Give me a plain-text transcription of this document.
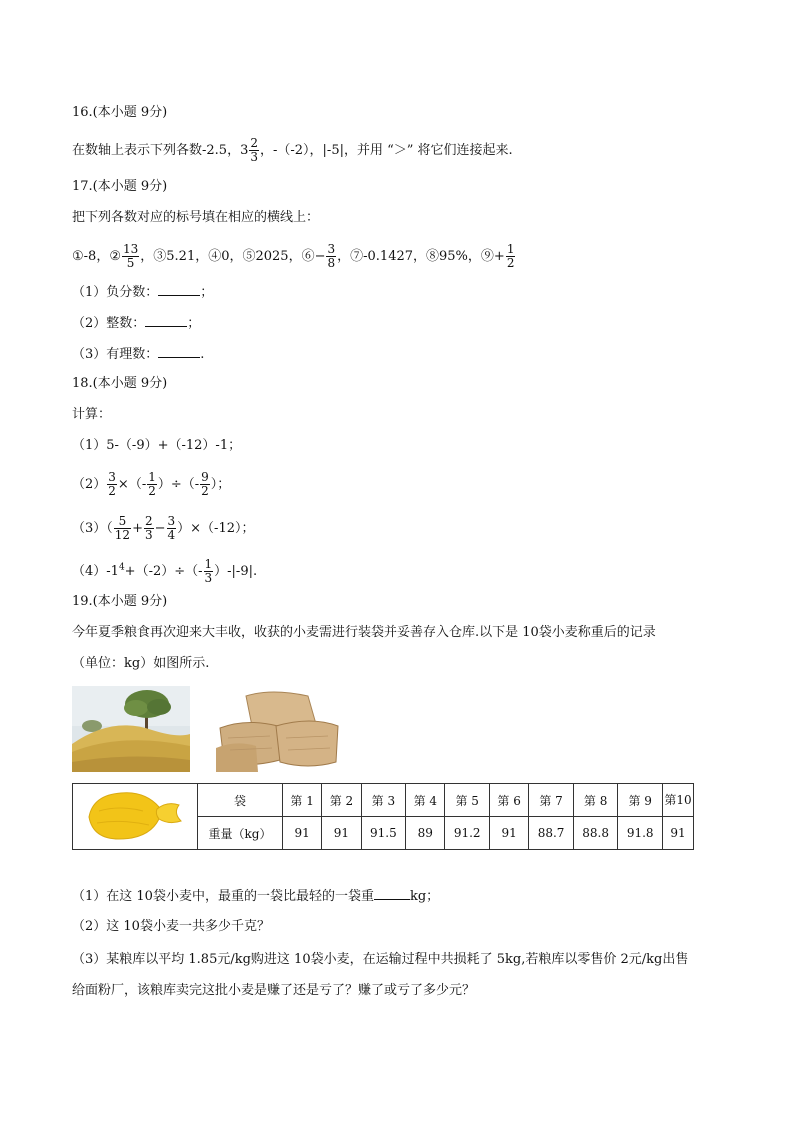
16.(本小题 9分)
在数轴上表示下列各数-2.5，$3 \frac{2}{3}$ ，-（-2），|-5|，并用 “＞” 将它们连接起来.
17.(本小题 9分)
把下列各数对应的标号填在相应的横线上：
①-8，② $\frac{13}{5}$ ，③5.21，④0，⑤2025，⑥− $\frac{3}{8}$ ，⑦-0.1427，⑧95%，⑨+ $\frac{1}{2}$
（1）负分数：	；
（2）整数：	；
（3）有理数：	.
18.(本小题 9分)
计算：
（1）5-（-9）+（-12）-1；
$(2) \frac{3}{2}$ ×（- $\frac{1}{2}$ ）÷（- $\frac{9}{2}$ ）；
$(3)( \frac{5}{12} + \frac{2}{3} - \frac{3}{4} )\times(-12)$；
$(4)-1^4+(-2)\div(- \frac{1}{3} )-|-9|$.
19.(本小题 9分)
今年夏季粮食再次迎来大丰收，收获的小麦需进行装袋并妥善存入仓库.以下是 10袋小麦称重后的记录
（单位：kg）如图所示.
	袋	第 1	第 2	第 3	第 4	第 5	第 6	第 7	第 8	第 9	第10
	重量（kg）	91	91	91.5	89	91.2	91	88.7	88.8	91.8	91
（1）在这 10袋小麦中，最重的一袋比最轻的一袋重	kg；
（2）这 10袋小麦一共多少千克？
（3）某粮库以平均 1.85元/kg购进这 10袋小麦，在运输过程中共损耗了 5kg,若粮库以零售价 2元/kg出售
给面粉厂，该粮库卖完这批小麦是赚了还是亏了？赚了或亏了多少元？
